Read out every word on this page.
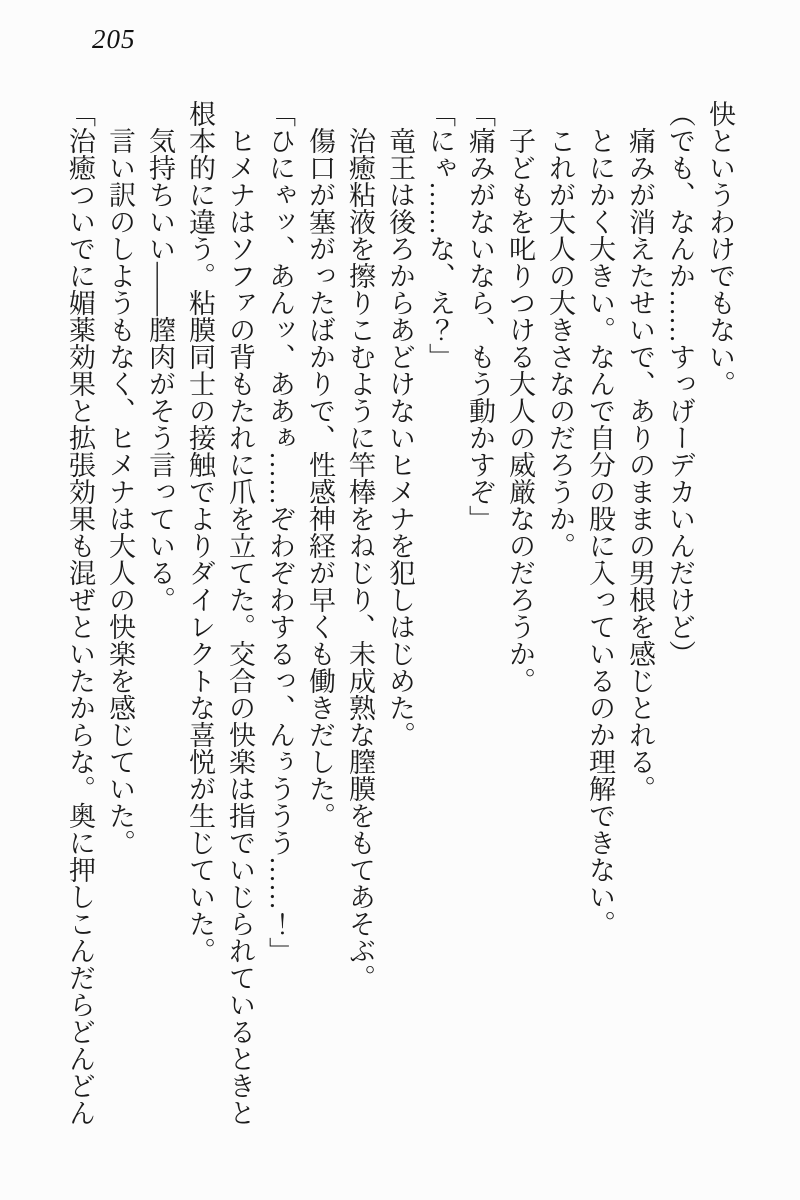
205

快というわけでもない。

（でも、なんか……すっげーデカいんだけど）

痛みが消えたせいで、ありのままの男根を感じとれる。

とにかく大きい。なんで自分の股に入っているのか理解できない。

これが大人の大きさなのだろうか。

子どもを叱りつける大人の威厳なのだろうか。

「痛みがないなら、もう動かすぞ」

「にゃ……な、え？」

竜王は後ろからあどけないヒメナを犯しはじめた。

治癒粘液を擦りこむように竿棒をねじり、未成熟な膣膜をもてあそぶ。

傷口が塞がったばかりで、性感神経が早くも働きだした。

「ひにゃッ、あんッ、ああぁ……ぞわぞわするっ、んぅううう……！」

ヒメナはソファの背もたれに爪を立てた。交合の快楽は指でいじられているときと根本的に違う。粘膜同士の接触でよりダイレクトな喜悦が生じていた。

気持ちいい――膣肉がそう言っている。

言い訳のしようもなく、ヒメナは大人の快楽を感じていた。

「治癒ついでに媚薬効果と拡張効果も混ぜといたからな。奥に押しこんだらどんどん
